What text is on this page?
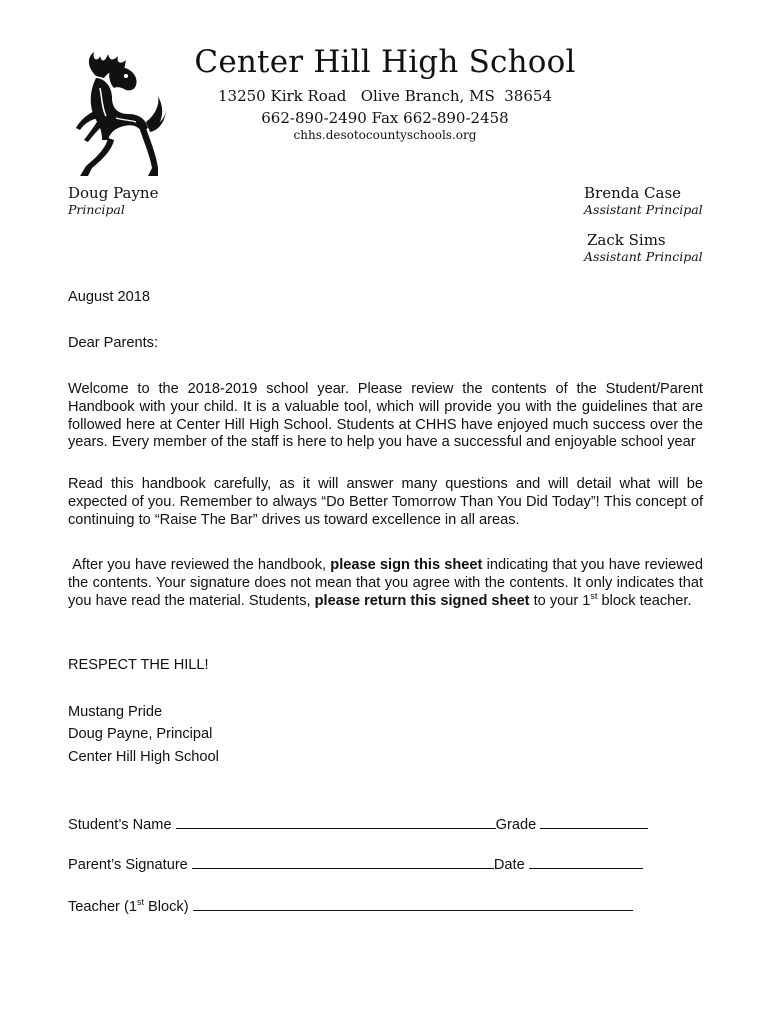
Center Hill High School
13250 Kirk Road   Olive Branch, MS  38654
662-890-2490 Fax 662-890-2458
chhs.desotocountyschools.org
Doug Payne
Principal
Brenda Case
Assistant Principal
Zack Sims
Assistant Principal
August 2018
Dear Parents:
Welcome to the 2018-2019 school year. Please review the contents of the Student/Parent Handbook with your child. It is a valuable tool, which will provide you with the guidelines that are followed here at Center Hill High School. Students at CHHS have enjoyed much success over the years. Every member of the staff is here to help you have a successful and enjoyable school year
Read this handbook carefully, as it will answer many questions and will detail what will be expected of you. Remember to always “Do Better Tomorrow Than You Did Today”! This concept of continuing to “Raise The Bar” drives us toward excellence in all areas.
After you have reviewed the handbook, please sign this sheet indicating that you have reviewed the contents. Your signature does not mean that you agree with the contents. It only indicates that you have read the material. Students, please return this signed sheet to your 1st block teacher.
RESPECT THE HILL!
Mustang Pride
Doug Payne, Principal
Center Hill High School
Student’s Name	Grade
Parent’s Signature	Date
Teacher (1st Block)
